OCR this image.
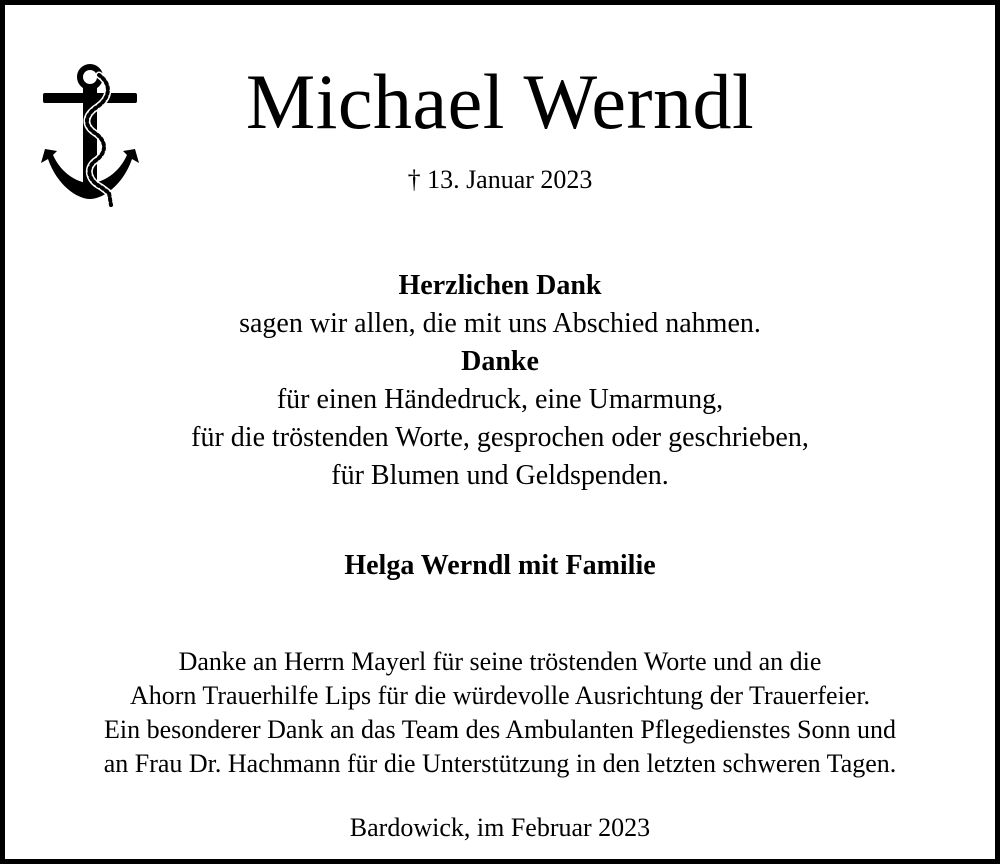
Michael Werndl
† 13. Januar 2023
Herzlichen Dank
sagen wir allen, die mit uns Abschied nahmen.
Danke
für einen Händedruck, eine Umarmung,
für die tröstenden Worte, gesprochen oder geschrieben,
für Blumen und Geldspenden.
Helga Werndl mit Familie
Danke an Herrn Mayerl für seine tröstenden Worte und an die
Ahorn Trauerhilfe Lips für die würdevolle Ausrichtung der Trauerfeier.
Ein besonderer Dank an das Team des Ambulanten Pflegedienstes Sonn und
an Frau Dr. Hachmann für die Unterstützung in den letzten schweren Tagen.
Bardowick, im Februar 2023
